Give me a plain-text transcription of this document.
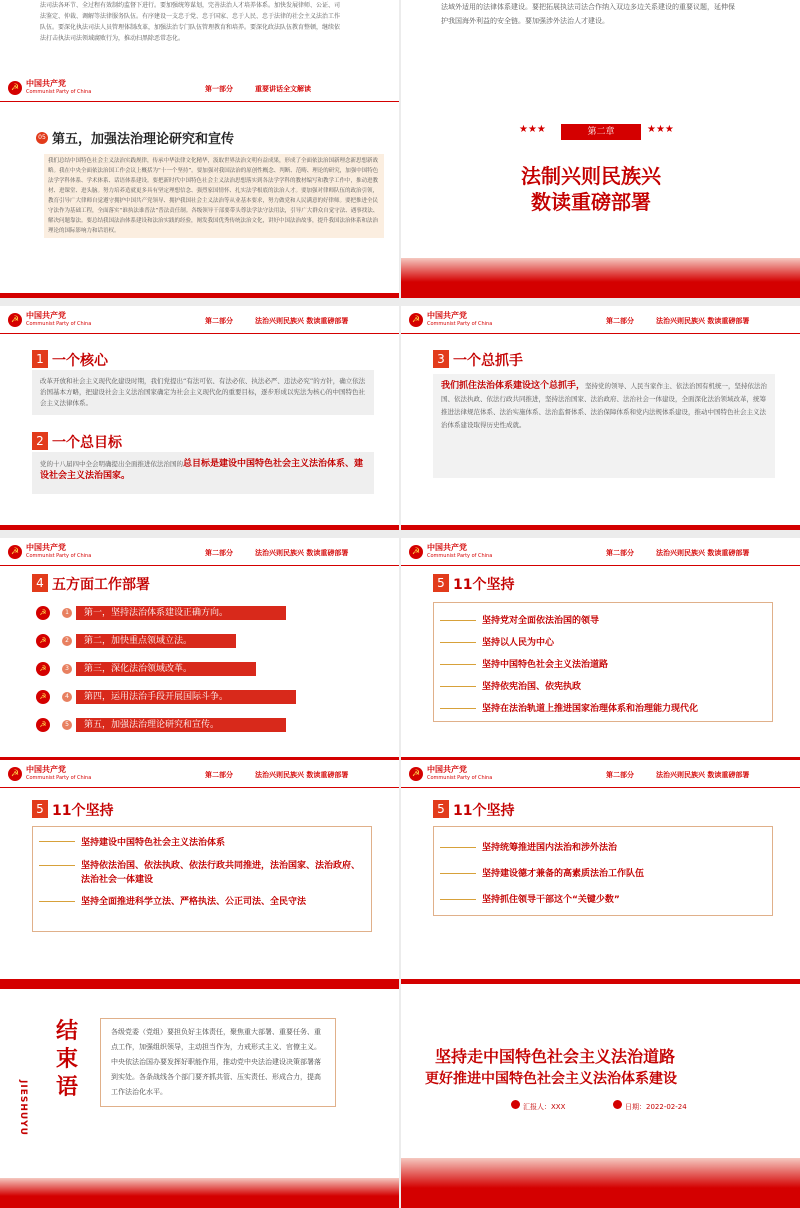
法司法各环节、全过程有效制约监督下进行。要加强统筹谋划，完善法治人才培养体系。加快发展律师、公证、司法鉴定、仲裁、调解等法律服务队伍。有序建设一支忠于党、忠于国家、忠于人民、忠于法律的社会主义法治工作队伍。要深化执法司法人员管理体制改革，加强法治专门队伍管理教育和培养。要深化政法队伍教育整顿，继续依法打击执法司法领域腐败行为，推动扫黑除恶常态化。
法域外适用的法律体系建设。要把拓展执法司法合作纳入双边多边关系建设的重要议题，延伸保护我国海外利益的安全链。要加强涉外法治人才建设。
☭ 中国共产党
Communist Party of China	第一部分	重要讲话全文解读
05 第五，加强法治理论研究和宣传
我们总结中国特色社会主义法治实践规律，传承中华法律文化精华，汲取世界法治文明有益成果，形成了全面依法治国新理念新思想新战略。我在中央全面依法治国工作会议上概括为“十一个坚持”。要加强对我国法治的原创性概念、判断、范畴、理论的研究，加强中国特色法学学科体系、学术体系、话语体系建设。要把新时代中国特色社会主义法治思想落实到各法学学科的教材编写和教学工作中，推动进教材、进课堂、进头脑。努力培养造就更多具有坚定理想信念、强烈家国情怀、扎实法学根底的法治人才。要加强对律师队伍的政治引领，教育引导广大律师自觉遵守拥护中国共产党领导、拥护我国社会主义法治等从业基本要求，努力做党和人民满意的好律师。要把推进全民守法作为基础工程，全面落实“谁执法谁普法”普法责任制。各级领导干部要带头尊法学法守法用法，引导广大群众自觉守法、遇事找法、解决问题靠法。要总结我国法治体系建设和法治实践的经验，阐发我国优秀传统法治文化，讲好中国法治故事，提升我国法治体系和法治理论的国际影响力和话语权。
第二章
★★★	★★★
法制兴则民族兴
数读重磅部署
☭ 中国共产党
Communist Party of China	第二部分	法治兴则民族兴 数读重磅部署
1 一个核心
改革开放和社会主义现代化建设时期，我们党提出“有法可依、有法必依、执法必严、违法必究”的方针，确立依法治国基本方略，把建设社会主义法治国家确定为社会主义现代化的重要目标，逐步形成以宪法为核心的中国特色社会主义法律体系。
2 一个总目标
党的十八届四中全会明确提出全面推进依法治国的总目标是建设中国特色社会主义法治体系、建设社会主义法治国家。
☭ 中国共产党
Communist Party of China	第二部分	法治兴则民族兴 数读重磅部署
3 一个总抓手
我们抓住法治体系建设这个总抓手，坚持党的领导、人民当家作主、依法治国有机统一，坚持依法治国、依法执政、依法行政共同推进，坚持法治国家、法治政府、法治社会一体建设，全面深化法治领域改革，统筹推进法律规范体系、法治实施体系、法治监督体系、法治保障体系和党内法规体系建设，推动中国特色社会主义法治体系建设取得历史性成就。
☭ 中国共产党
Communist Party of China	第二部分	法治兴则民族兴 数读重磅部署
4 五方面工作部署
☭	1	第一，坚持法治体系建设正确方向。
☭	2	第二，加快重点领域立法。
☭	3	第三，深化法治领域改革。
☭	4	第四，运用法治手段开展国际斗争。
☭	5	第五，加强法治理论研究和宣传。
☭ 中国共产党
Communist Party of China	第二部分	法治兴则民族兴 数读重磅部署
5 11个坚持
坚持党对全面依法治国的领导
坚持以人民为中心
坚持中国特色社会主义法治道路
坚持依宪治国、依宪执政
坚持在法治轨道上推进国家治理体系和治理能力现代化
☭ 中国共产党
Communist Party of China	第二部分	法治兴则民族兴 数读重磅部署
5 11个坚持
坚持建设中国特色社会主义法治体系
坚持依法治国、依法执政、依法行政共同推进，法治国家、法治政府、法治社会一体建设
坚持全面推进科学立法、严格执法、公正司法、全民守法
☭ 中国共产党
Communist Party of China	第二部分	法治兴则民族兴 数读重磅部署
5 11个坚持
坚持统筹推进国内法治和涉外法治
坚持建设德才兼备的高素质法治工作队伍
坚持抓住领导干部这个“关键少数”
结束语
JIESHUYU
各级党委（党组）要担负好主体责任，聚焦重大部署、重要任务、重点工作，加强组织领导，主动担当作为，力戒形式主义、官僚主义。中央依法治国办要发挥好职能作用，推动党中央法治建设决策部署落到实处。各条战线各个部门要齐抓共管、压实责任、形成合力，提高工作法治化水平。
坚持走中国特色社会主义法治道路
更好推进中国特色社会主义法治体系建设
汇报人：XXX	日期：2022-02-24
